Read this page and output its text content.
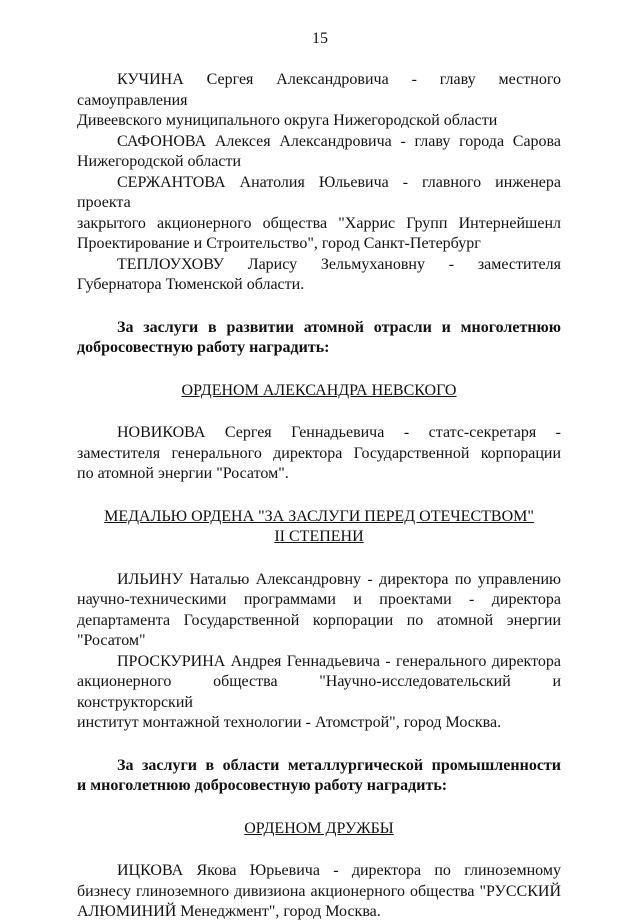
15
КУЧИНА Сергея Александровича - главу местного самоуправления
Дивеевского муниципального округа Нижегородской области
САФОНОВА Алексея Александровича - главу города Сарова
Нижегородской области
СЕРЖАНТОВА Анатолия Юльевича - главного инженера проекта
закрытого акционерного общества "Харрис Групп Интернейшенл
Проектирование и Строительство", город Санкт-Петербург
ТЕПЛОУХОВУ Ларису Зельмухановну - заместителя
Губернатора Тюменской области.
За заслуги в развитии атомной отрасли и многолетнюю
добросовестную работу наградить:
ОРДЕНОМ АЛЕКСАНДРА НЕВСКОГО
НОВИКОВА Сергея Геннадьевича - статс-секретаря -
заместителя генерального директора Государственной корпорации
по атомной энергии "Росатом".
МЕДАЛЬЮ ОРДЕНА "ЗА ЗАСЛУГИ ПЕРЕД ОТЕЧЕСТВОМ"
II СТЕПЕНИ
ИЛЬИНУ Наталью Александровну - директора по управлению
научно-техническими программами и проектами - директора
департамента Государственной корпорации по атомной энергии
"Росатом"
ПРОСКУРИНА Андрея Геннадьевича - генерального директора
акционерного общества "Научно-исследовательский и конструкторский
институт монтажной технологии - Атомстрой", город Москва.
За заслуги в области металлургической промышленности
и многолетнюю добросовестную работу наградить:
ОРДЕНОМ ДРУЖБЫ
ИЦКОВА Якова Юрьевича - директора по глиноземному
бизнесу глиноземного дивизиона акционерного общества "РУССКИЙ
АЛЮМИНИЙ Менеджмент", город Москва.
